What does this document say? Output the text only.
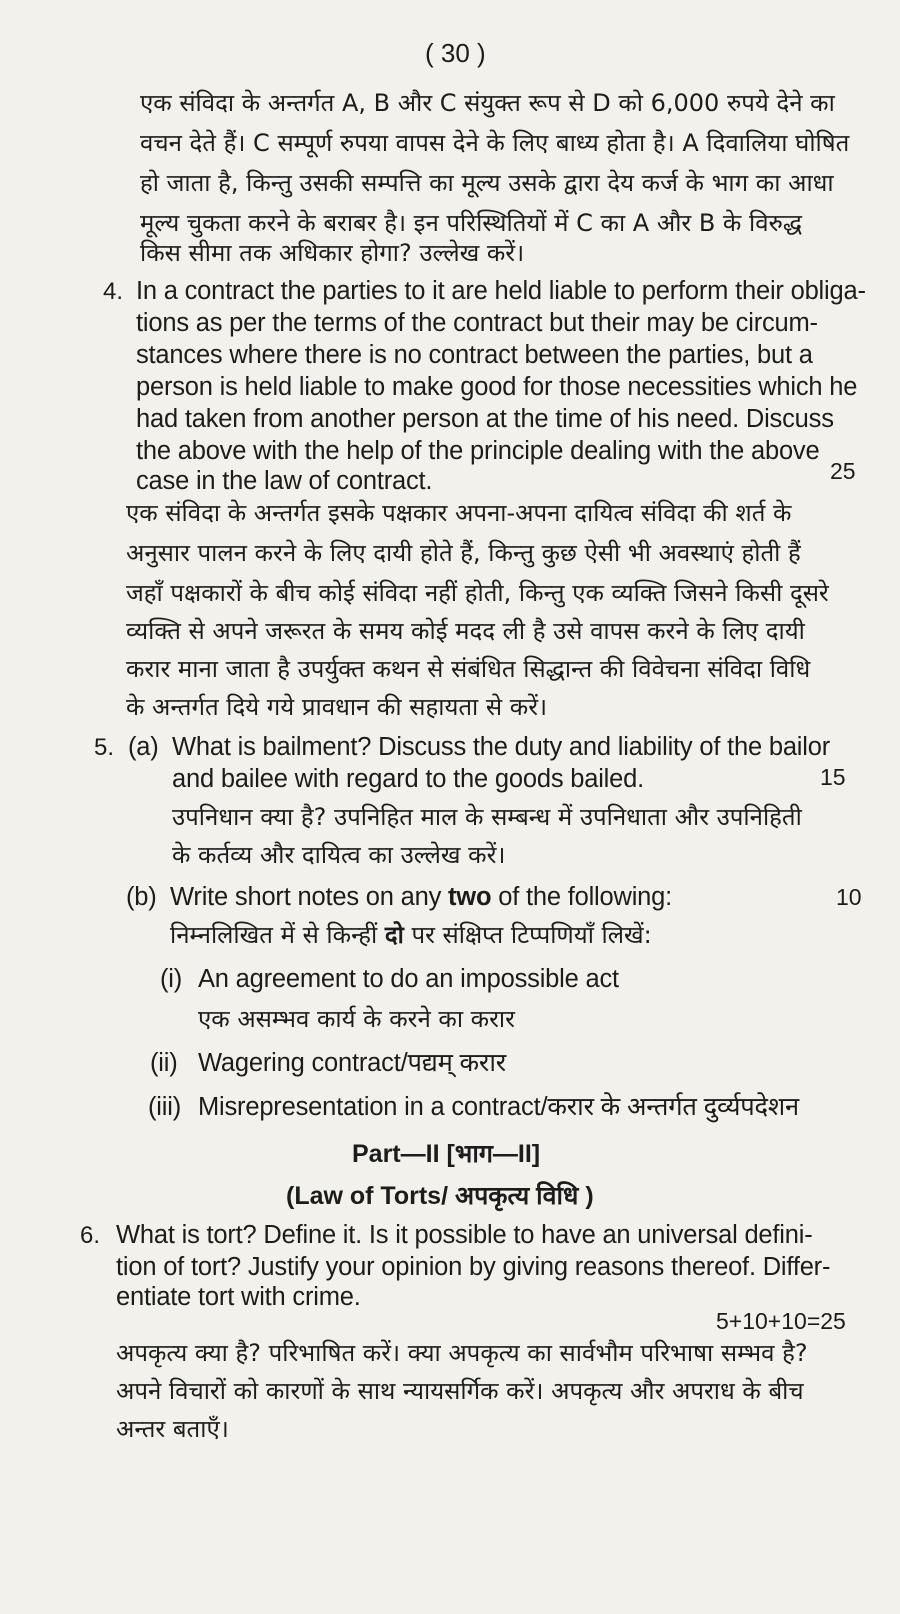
( 30 )
एक संविदा के अन्तर्गत A, B और C संयुक्त रूप से D को 6,000 रुपये देने का
वचन देते हैं। C सम्पूर्ण रुपया वापस देने के लिए बाध्य होता है। A दिवालिया घोषित
हो जाता है, किन्तु उसकी सम्पत्ति का मूल्य उसके द्वारा देय कर्ज के भाग का आधा
मूल्य चुकता करने के बराबर है। इन परिस्थितियों में C का A और B के विरुद्ध
किस सीमा तक अधिकार होगा? उल्लेख करें।
4. In a contract the parties to it are held liable to perform their obliga-
tions as per the terms of the contract but their may be circum-
stances where there is no contract between the parties, but a
person is held liable to make good for those necessities which he
had taken from another person at the time of his need. Discuss
the above with the help of the principle dealing with the above
case in the law of contract.	25
एक संविदा के अन्तर्गत इसके पक्षकार अपना-अपना दायित्व संविदा की शर्त के
अनुसार पालन करने के लिए दायी होते हैं, किन्तु कुछ ऐसी भी अवस्थाएं होती हैं
जहाँ पक्षकारों के बीच कोई संविदा नहीं होती, किन्तु एक व्यक्ति जिसने किसी दूसरे
व्यक्ति से अपने जरूरत के समय कोई मदद ली है उसे वापस करने के लिए दायी
करार माना जाता है उपर्युक्त कथन से संबंधित सिद्धान्त की विवेचना संविदा विधि
के अन्तर्गत दिये गये प्रावधान की सहायता से करें।
5. (a) What is bailment? Discuss the duty and liability of the bailor
and bailee with regard to the goods bailed.	15
उपनिधान क्या है? उपनिहित माल के सम्बन्ध में उपनिधाता और उपनिहिती
के कर्तव्य और दायित्व का उल्लेख करें।
(b) Write short notes on any two of the following:	10
निम्नलिखित में से किन्हीं दो पर संक्षिप्त टिप्पणियाँ लिखें:
(i) An agreement to do an impossible act
एक असम्भव कार्य के करने का करार
(ii) Wagering contract/पद्यम् करार
(iii) Misrepresentation in a contract/करार के अन्तर्गत दुर्व्यपदेशन
Part—II [भाग—II]
(Law of Torts/ अपकृत्य विधि )
6. What is tort? Define it. Is it possible to have an universal defini-
tion of tort? Justify your opinion by giving reasons thereof. Differ-
entiate tort with crime.
5+10+10=25
अपकृत्य क्या है? परिभाषित करें। क्या अपकृत्य का सार्वभौम परिभाषा सम्भव है?
अपने विचारों को कारणों के साथ न्यायसर्गिक करें। अपकृत्य और अपराध के बीच
अन्तर बताएँ।
